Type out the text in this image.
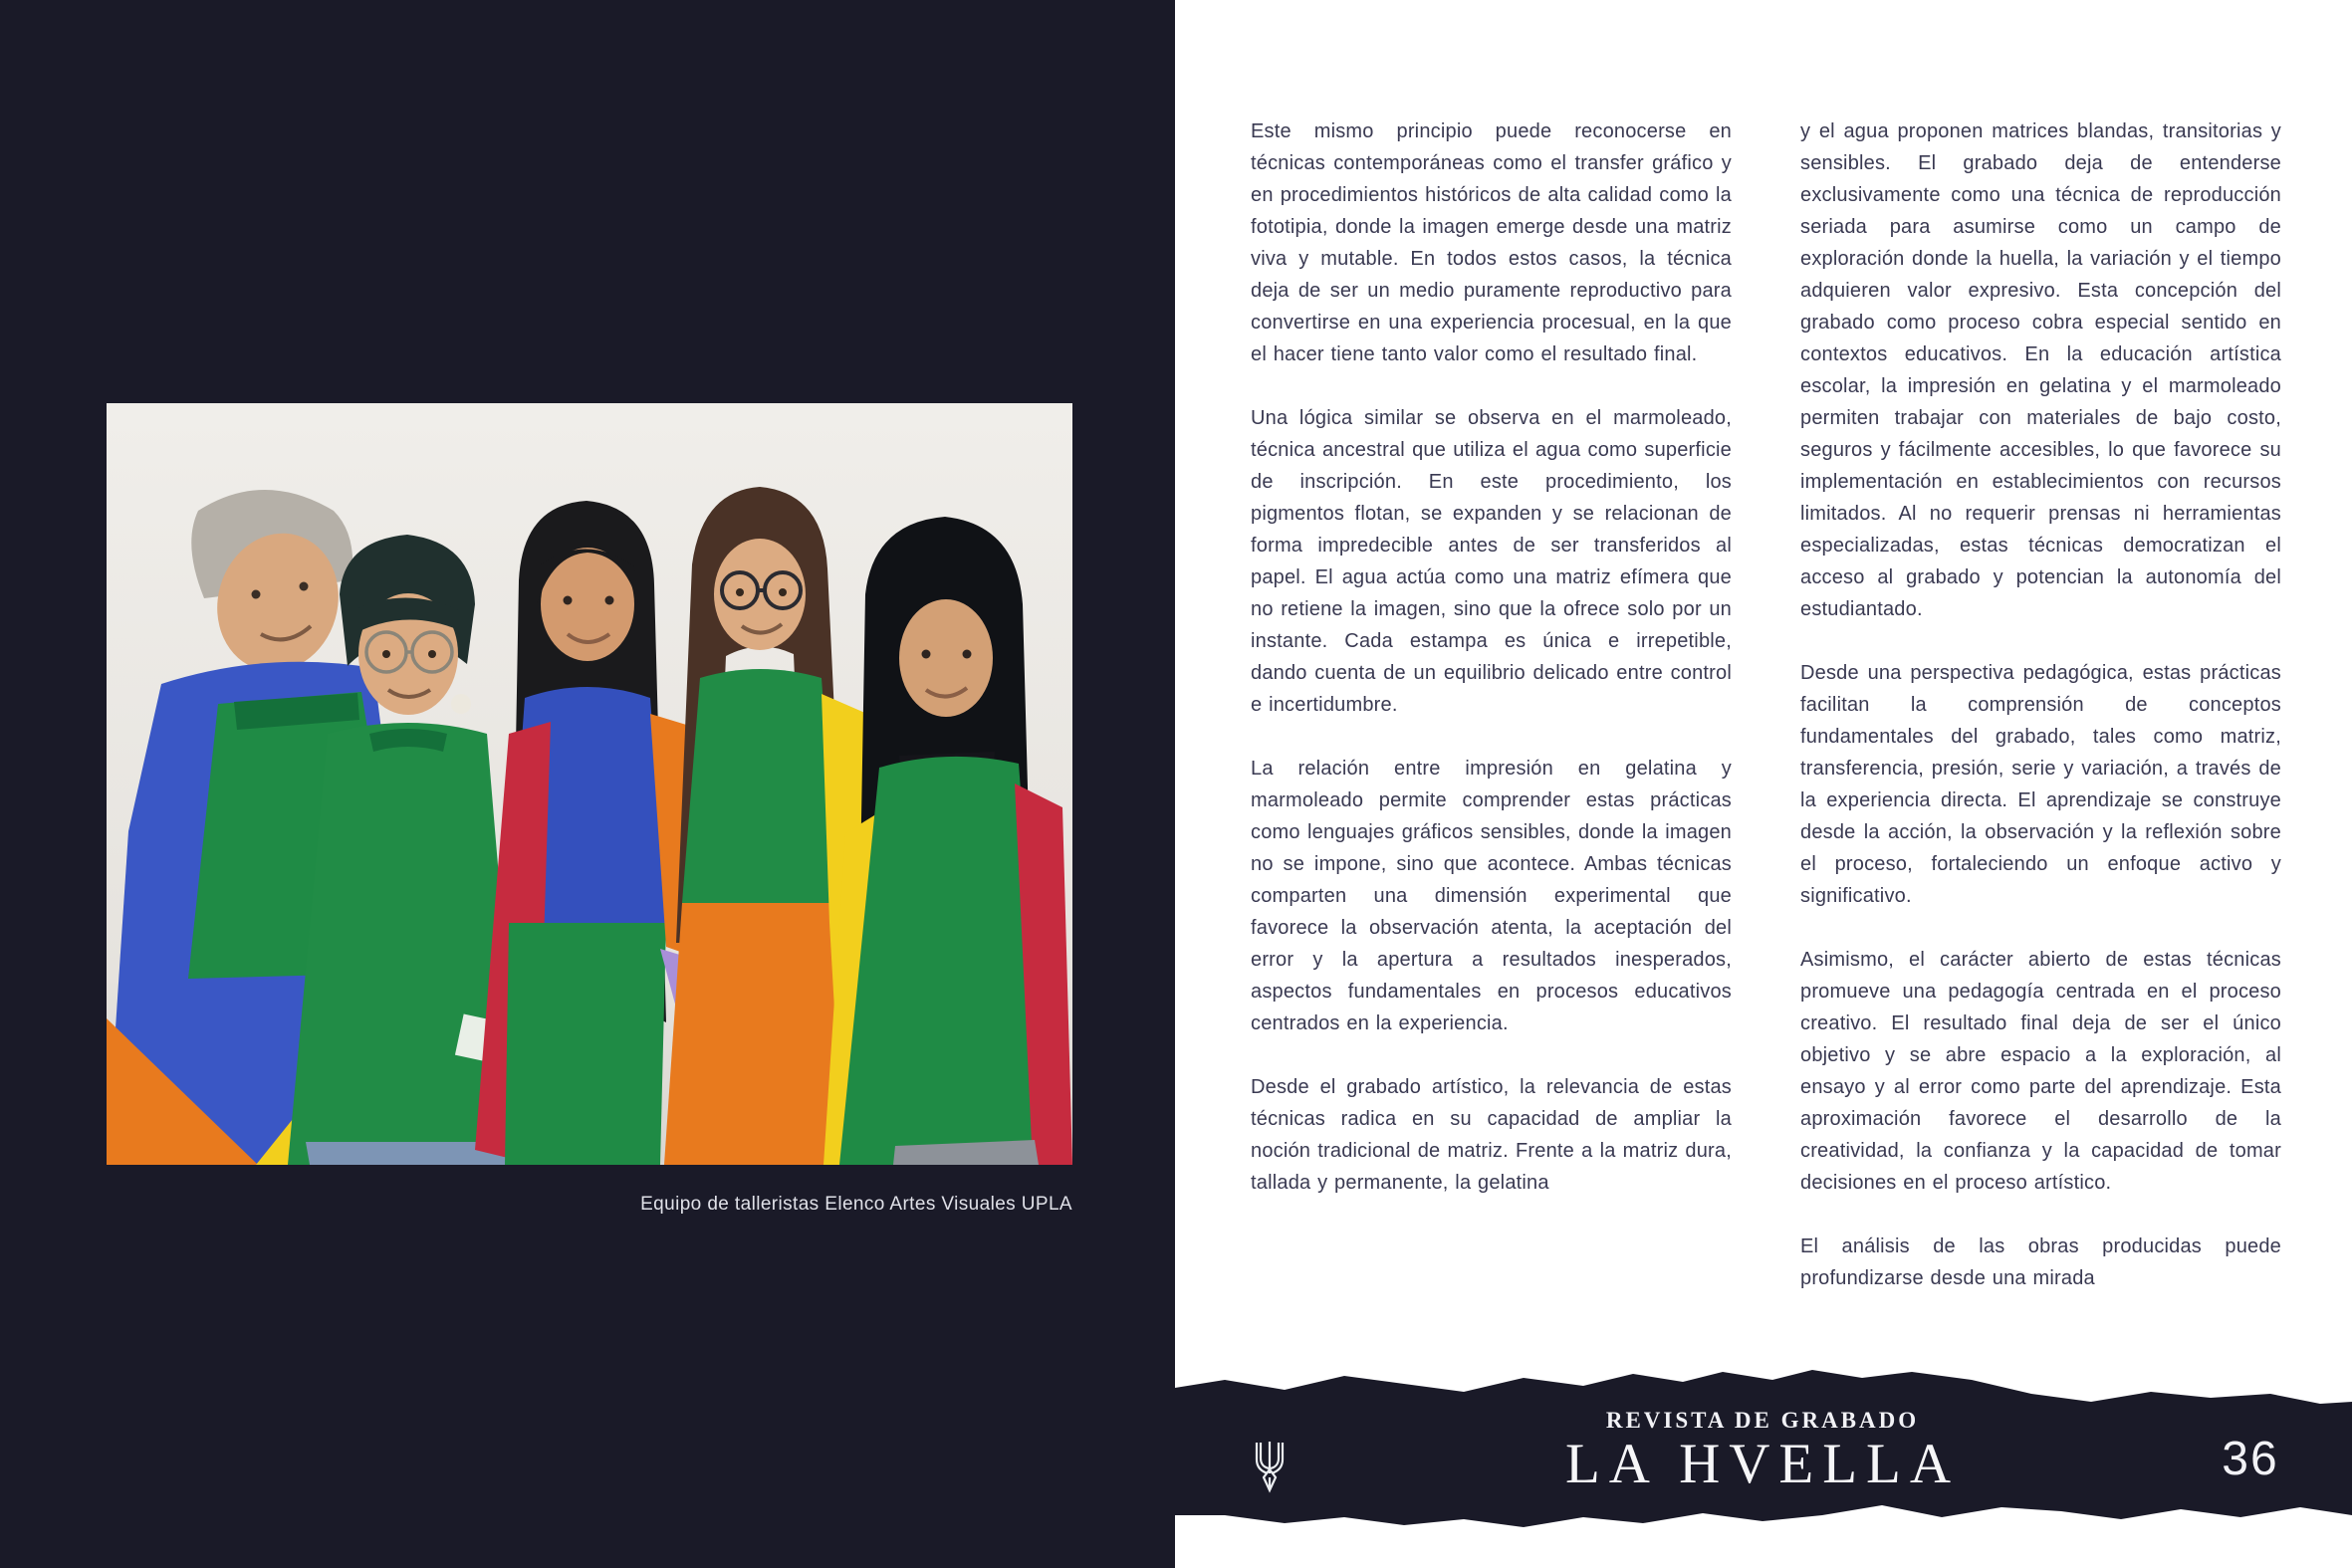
Equipo de talleristas Elenco Artes Visuales UPLA

Este mismo principio puede reconocerse en técnicas contemporáneas como el transfer gráfico y en procedimientos históricos de alta calidad como la fototipia, donde la imagen emerge desde una matriz viva y mutable. En todos estos casos, la técnica deja de ser un medio puramente reproductivo para convertirse en una experiencia procesual, en la que el hacer tiene tanto valor como el resultado final.

Una lógica similar se observa en el marmoleado, técnica ancestral que utiliza el agua como superficie de inscripción. En este procedimiento, los pigmentos flotan, se expanden y se relacionan de forma impredecible antes de ser transferidos al papel. El agua actúa como una matriz efímera que no retiene la imagen, sino que la ofrece solo por un instante. Cada estampa es única e irrepetible, dando cuenta de un equilibrio delicado entre control e incertidumbre.

La relación entre impresión en gelatina y marmoleado permite comprender estas prácticas como lenguajes gráficos sensibles, donde la imagen no se impone, sino que acontece. Ambas técnicas comparten una dimensión experimental que favorece la observación atenta, la aceptación del error y la apertura a resultados inesperados, aspectos fundamentales en procesos educativos centrados en la experiencia.

Desde el grabado artístico, la relevancia de estas técnicas radica en su capacidad de ampliar la noción tradicional de matriz. Frente a la matriz dura, tallada y permanente, la gelatina

y el agua proponen matrices blandas, transitorias y sensibles. El grabado deja de entenderse exclusivamente como una técnica de reproducción seriada para asumirse como un campo de exploración donde la huella, la variación y el tiempo adquieren valor expresivo. Esta concepción del grabado como proceso cobra especial sentido en contextos educativos. En la educación artística escolar, la impresión en gelatina y el marmoleado permiten trabajar con materiales de bajo costo, seguros y fácilmente accesibles, lo que favorece su implementación en establecimientos con recursos limitados. Al no requerir prensas ni herramientas especializadas, estas técnicas democratizan el acceso al grabado y potencian la autonomía del estudiantado.

Desde una perspectiva pedagógica, estas prácticas facilitan la comprensión de conceptos fundamentales del grabado, tales como matriz, transferencia, presión, serie y variación, a través de la experiencia directa. El aprendizaje se construye desde la acción, la observación y la reflexión sobre el proceso, fortaleciendo un enfoque activo y significativo.

Asimismo, el carácter abierto de estas técnicas promueve una pedagogía centrada en el proceso creativo. El resultado final deja de ser el único objetivo y se abre espacio a la exploración, al ensayo y al error como parte del aprendizaje. Esta aproximación favorece el desarrollo de la creatividad, la confianza y la capacidad de tomar decisiones en el proceso artístico.

El análisis de las obras producidas puede profundizarse desde una mirada

REVISTA DE GRABADO
LA HVELLA	36
